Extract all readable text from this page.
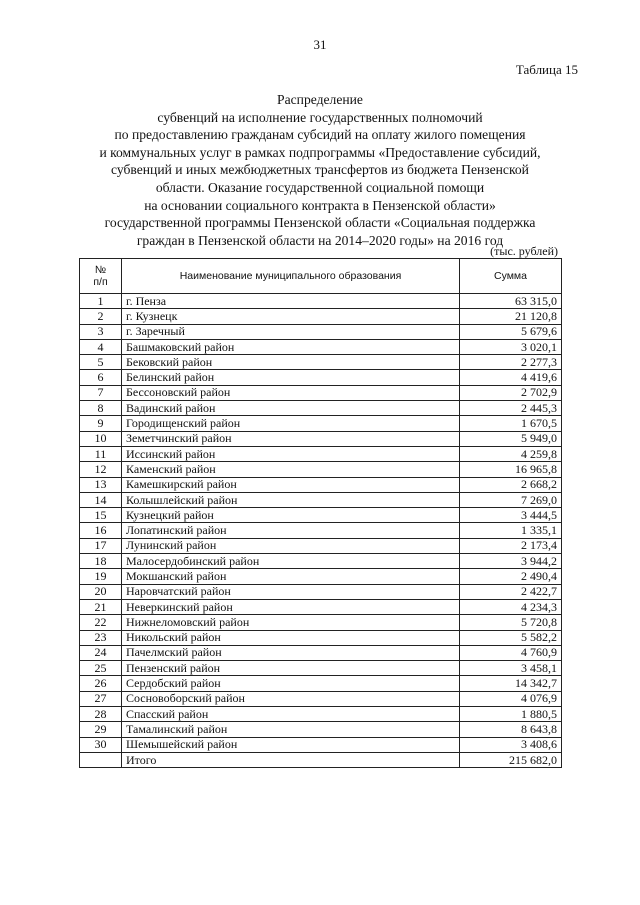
31
Таблица 15
Распределение
субвенций на исполнение государственных полномочий
по предоставлению гражданам субсидий на оплату жилого помещения
и коммунальных услуг в рамках подпрограммы «Предоставление субсидий,
субвенций и иных межбюджетных трансфертов из бюджета Пензенской
области. Оказание государственной социальной помощи
на основании социального контракта в Пензенской области»
государственной программы Пензенской области «Социальная поддержка
граждан в Пензенской области на 2014–2020 годы» на 2016 год
(тыс. рублей)
№
п/п	Наименование муниципального образования	Сумма
1	г. Пенза	63 315,0
2	г. Кузнецк	21 120,8
3	г. Заречный	5 679,6
4	Башмаковский район	3 020,1
5	Бековский район	2 277,3
6	Белинский район	4 419,6
7	Бессоновский район	2 702,9
8	Вадинский район	2 445,3
9	Городищенский район	1 670,5
10	Земетчинский район	5 949,0
11	Иссинский район	4 259,8
12	Каменский район	16 965,8
13	Камешкирский район	2 668,2
14	Колышлейский район	7 269,0
15	Кузнецкий район	3 444,5
16	Лопатинский район	1 335,1
17	Лунинский район	2 173,4
18	Малосердобинский район	3 944,2
19	Мокшанский район	2 490,4
20	Наровчатский район	2 422,7
21	Неверкинский район	4 234,3
22	Нижнеломовский район	5 720,8
23	Никольский район	5 582,2
24	Пачелмский район	4 760,9
25	Пензенский район	3 458,1
26	Сердобский район	14 342,7
27	Сосновоборский район	4 076,9
28	Спасский район	1 880,5
29	Тамалинский район	8 643,8
30	Шемышейский район	3 408,6
	Итого	215 682,0
